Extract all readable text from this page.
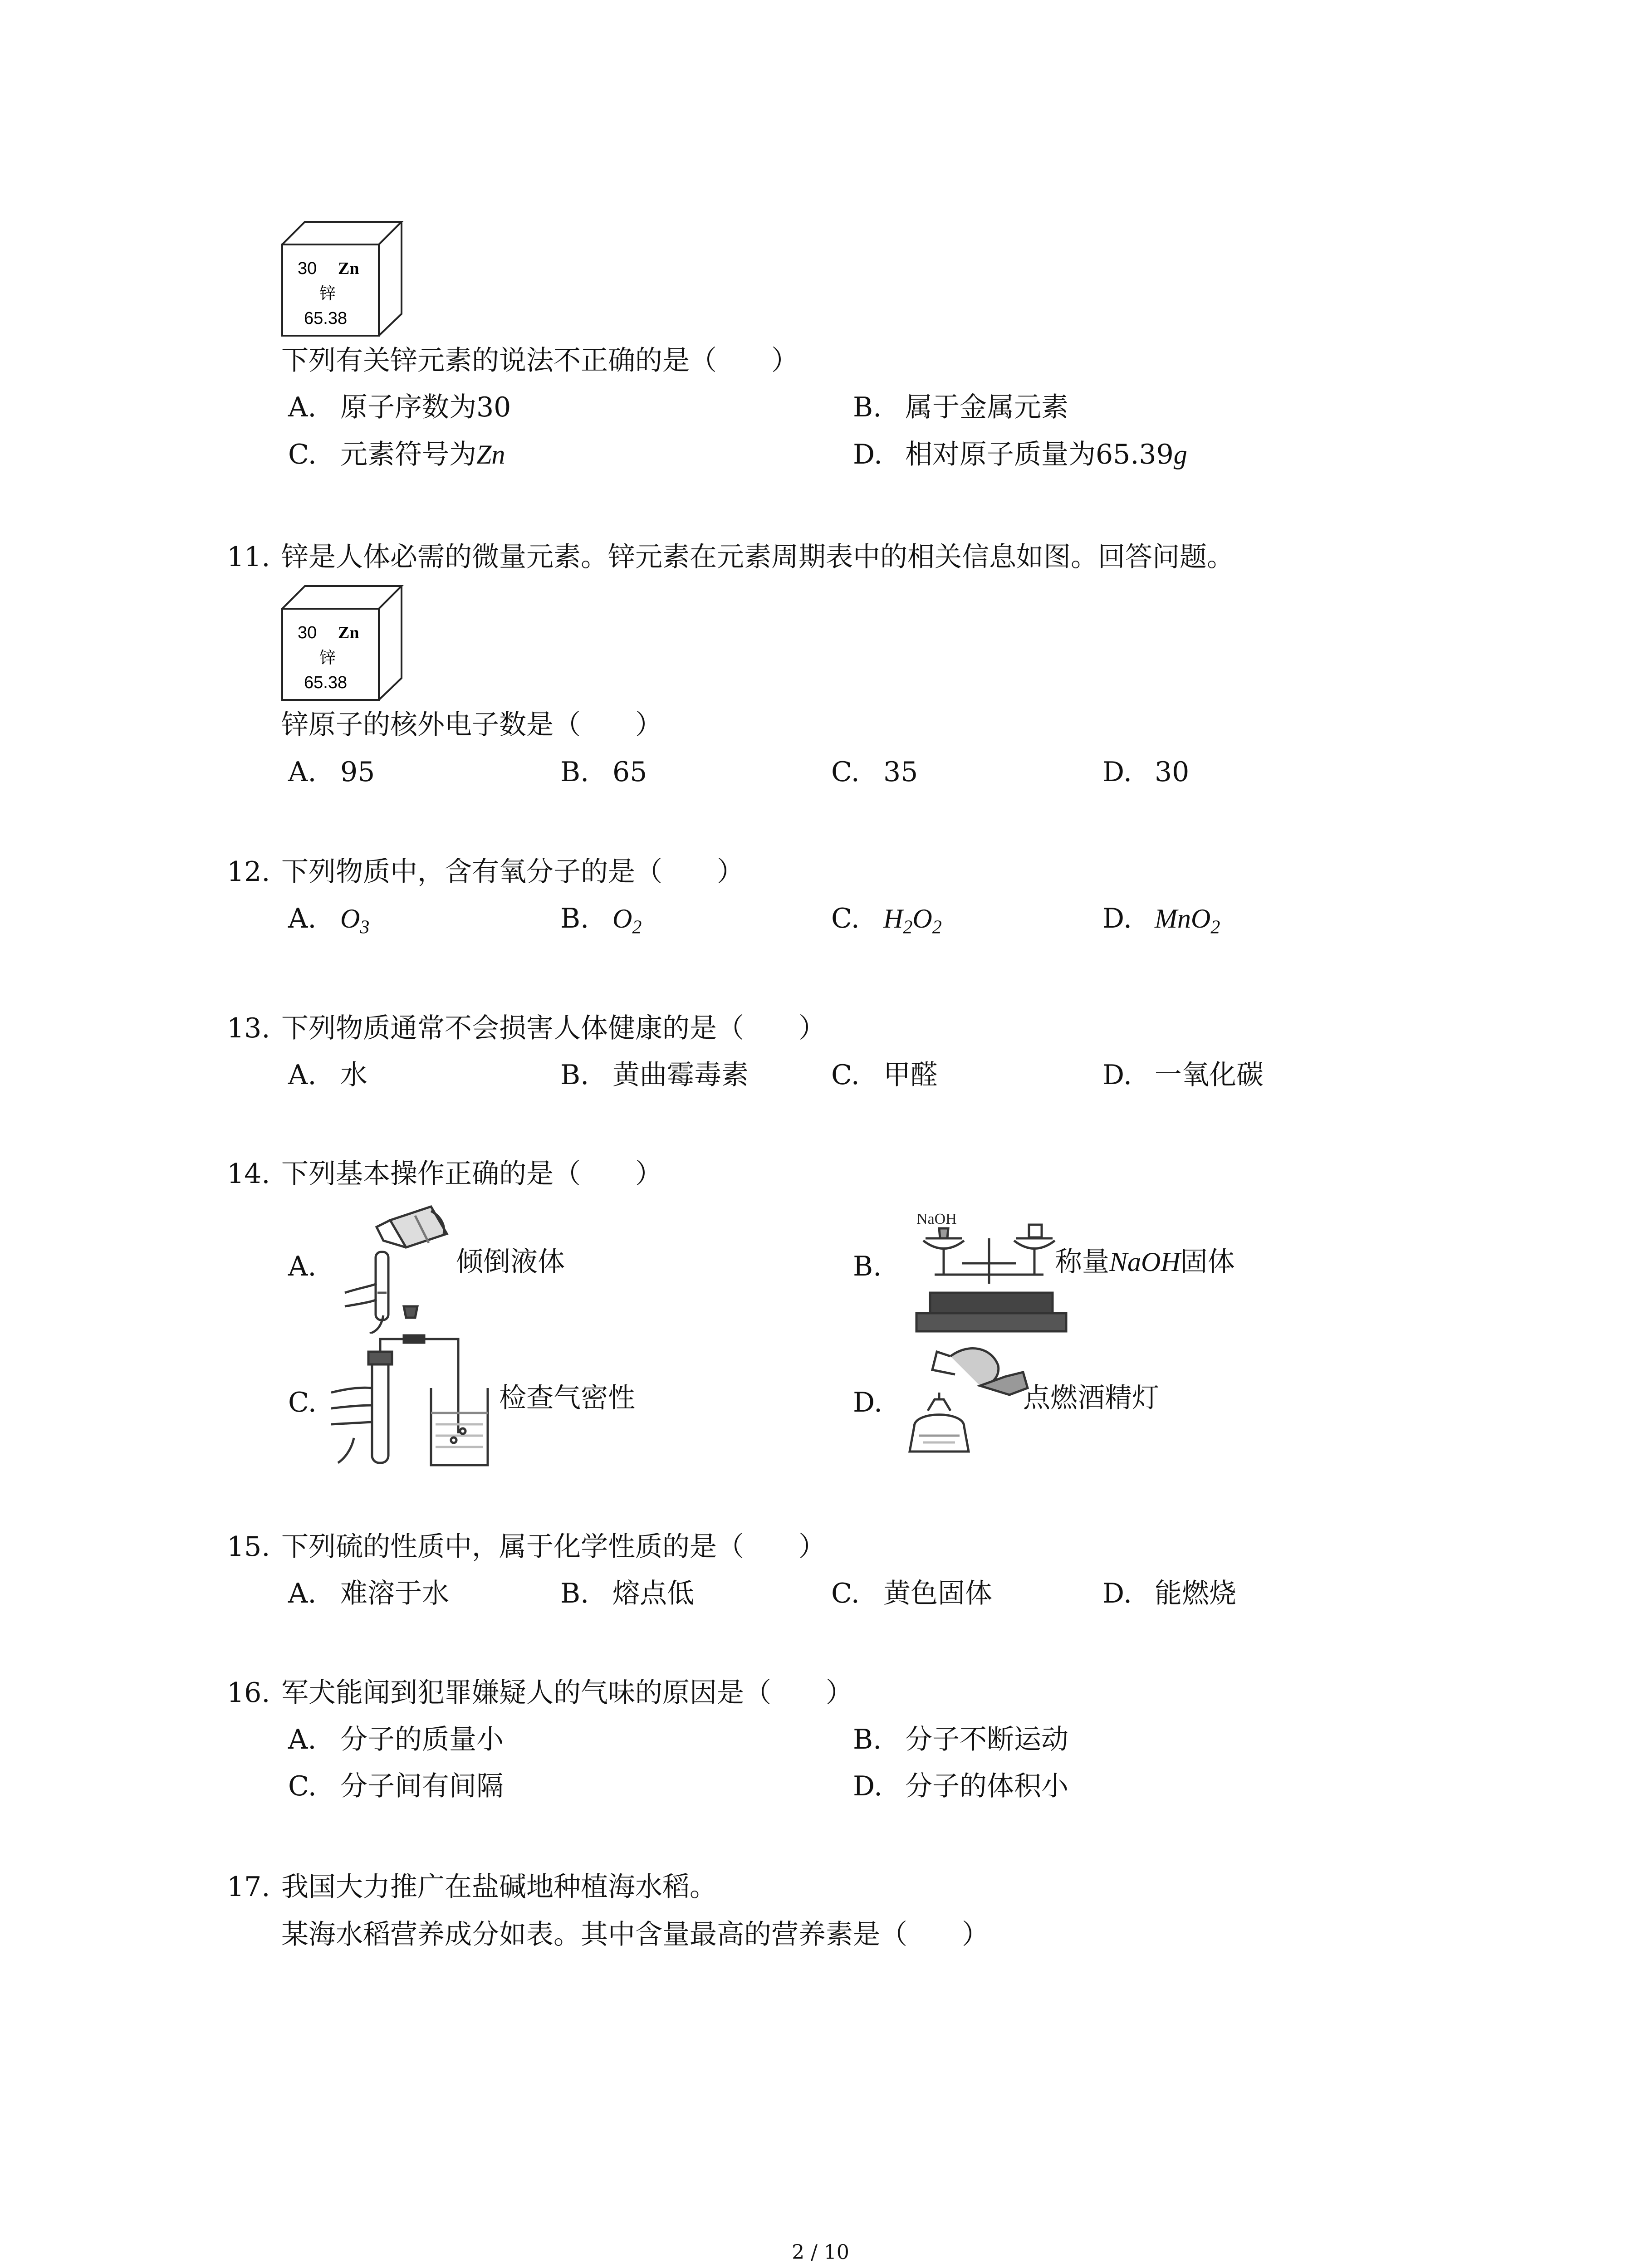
30 Zn
锌
65.38
下列有关锌元素的说法不正确的是（　　）
A. 原子序数为30	B. 属于金属元素
C. 元素符号为Zn	D. 相对原子质量为65.39g
11. 锌是人体必需的微量元素。锌元素在元素周期表中的相关信息如图。回答问题。
30 Zn
锌
65.38
锌原子的核外电子数是（　　）
A. 95	B. 65	C. 35	D. 30
12. 下列物质中，含有氧分子的是（　　）
A. $O_3$	B. $O_2$	C. $H_2O_2$	D. MnO$_2$
13. 下列物质通常不会损害人体健康的是（　　）
A. 水	B. 黄曲霉毒素	C. 甲醛	D. 一氧化碳
14. 下列基本操作正确的是（　　）
A.	倾倒液体	B.
NaOH
称量NaOH固体
C.	检查气密性	D.	点燃酒精灯
15. 下列硫的性质中，属于化学性质的是（　　）
A. 难溶于水	B. 熔点低	C. 黄色固体	D. 能燃烧
16. 军犬能闻到犯罪嫌疑人的气味的原因是（　　）
A. 分子的质量小	B. 分子不断运动
C. 分子间有间隔	D. 分子的体积小
17. 我国大力推广在盐碱地种植海水稻。
某海水稻营养成分如表。其中含量最高的营养素是（　　）
2 / 10
